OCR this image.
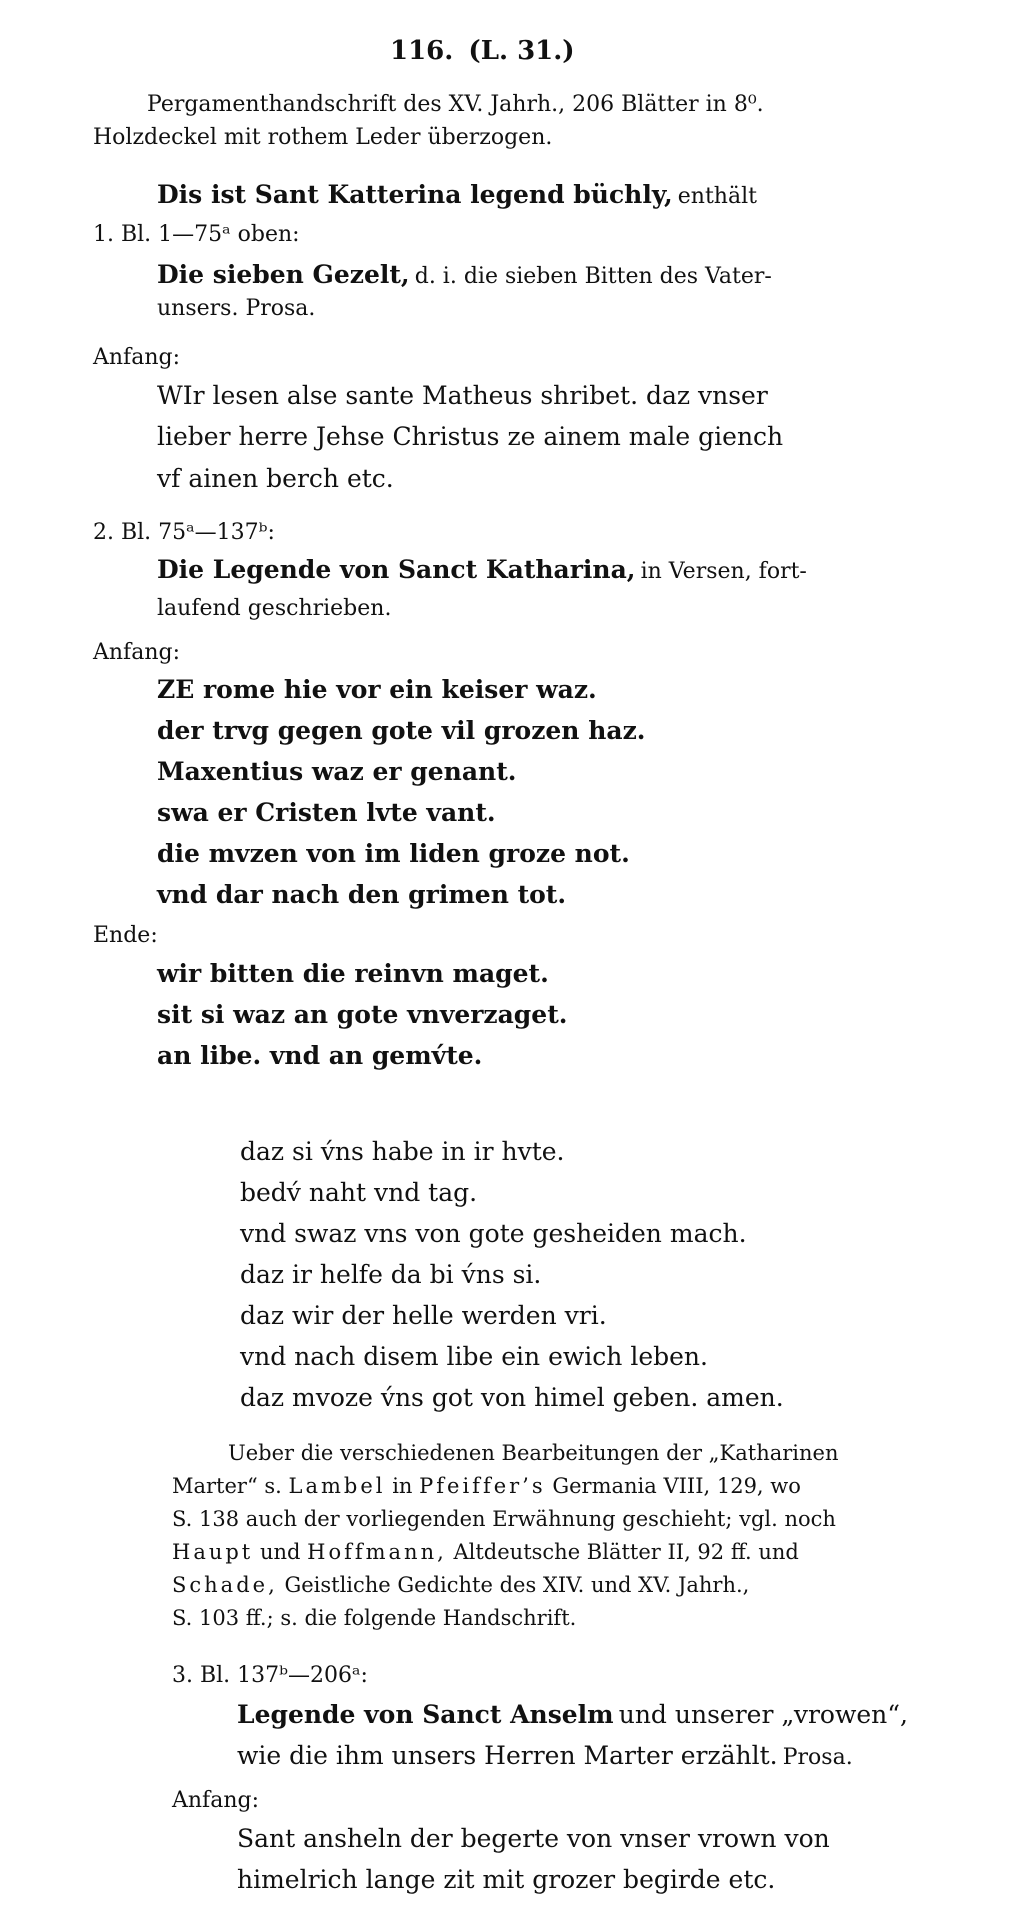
116. (L. 31.)
Pergamenthandschrift des XV. Jahrh., 206 Blätter in 8⁰.
Holzdeckel mit rothem Leder überzogen.
Dis ist Sant Katterina legend büchly, enthält
1. Bl. 1—75ᵃ oben:
Die sieben Gezelt, d. i. die sieben Bitten des Vater-
unsers. Prosa.
Anfang:
WIr lesen alse sante Matheus shribet. daz vnser
lieber herre Jehse Christus ze ainem male giench
vf ainen berch etc.
2. Bl. 75ᵃ—137ᵇ:
Die Legende von Sanct Katharina, in Versen, fort-
laufend geschrieben.
Anfang:
ZE rome hie vor ein keiser waz.
der trvg gegen gote vil grozen haz.
Maxentius waz er genant.
swa er Cristen lvte vant.
die mvzen von im liden groze not.
vnd dar nach den grimen tot.
Ende:
wir bitten die reinvn maget.
sit si waz an gote vnverzaget.
an libe. vnd an gemv́te.
daz si v́ns habe in ir hvte.
bedv́ naht vnd tag.
vnd swaz vns von gote gesheiden mach.
daz ir helfe da bi v́ns si.
daz wir der helle werden vri.
vnd nach disem libe ein ewich leben.
daz mvoze v́ns got von himel geben. amen.
Ueber die verschiedenen Bearbeitungen der „Katharinen
Marter“ s. Lambel in Pfeiffer’s Germania VIII, 129, wo
S. 138 auch der vorliegenden Erwähnung geschieht; vgl. noch
Haupt und Hoffmann, Altdeutsche Blätter II, 92 ff. und
Schade, Geistliche Gedichte des XIV. und XV. Jahrh.,
S. 103 ff.; s. die folgende Handschrift.
3. Bl. 137ᵇ—206ᵃ:
Legende von Sanct Anselm und unserer „vrowen“,
wie die ihm unsers Herren Marter erzählt. Prosa.
Anfang:
Sant ansheln der begerte von vnser vrown von
himelrich lange zit mit grozer begirde etc.
